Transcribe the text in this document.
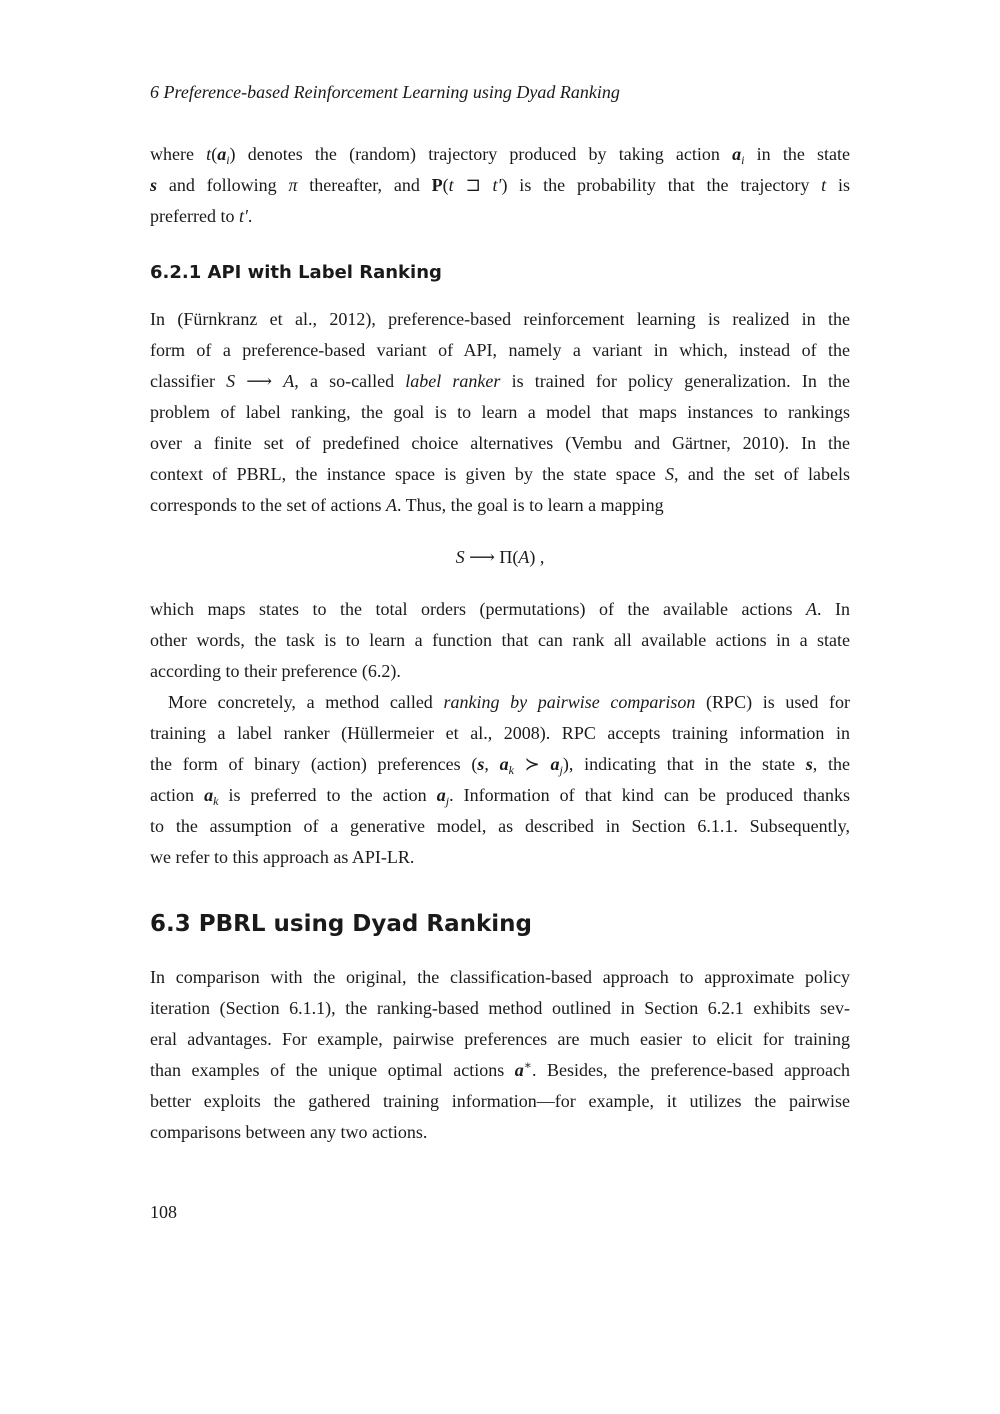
6 Preference-based Reinforcement Learning using Dyad Ranking
where $t(a_i)$ denotes the (random) trajectory produced by taking action $a_i$ in the state
s and following π thereafter, and P(t ⊐ t′) is the probability that the trajectory t is
preferred to t′.
6.2.1 API with Label Ranking
In (Fürnkranz et al., 2012), preference-based reinforcement learning is realized in the
form of a preference-based variant of API, namely a variant in which, instead of the
classifier S ⟶ A, a so-called label ranker is trained for policy generalization. In the
problem of label ranking, the goal is to learn a model that maps instances to rankings
over a finite set of predefined choice alternatives (Vembu and Gärtner, 2010). In the
context of PBRL, the instance space is given by the state space S, and the set of labels
corresponds to the set of actions A. Thus, the goal is to learn a mapping
S ⟶ Π(A) ,
which maps states to the total orders (permutations) of the available actions A. In
other words, the task is to learn a function that can rank all available actions in a state
according to their preference (6.2).
More concretely, a method called ranking by pairwise comparison (RPC) is used for
training a label ranker (Hüllermeier et al., 2008). RPC accepts training information in
the form of binary (action) preferences (s, $a_k$ ≻ $a_j$), indicating that in the state s, the
action $a_k$ is preferred to the action $a_j$. Information of that kind can be produced thanks
to the assumption of a generative model, as described in Section 6.1.1. Subsequently,
we refer to this approach as API-LR.
6.3 PBRL using Dyad Ranking
In comparison with the original, the classification-based approach to approximate policy
iteration (Section 6.1.1), the ranking-based method outlined in Section 6.2.1 exhibits sev-
eral advantages. For example, pairwise preferences are much easier to elicit for training
than examples of the unique optimal actions a∗. Besides, the preference-based approach
better exploits the gathered training information—for example, it utilizes the pairwise
comparisons between any two actions.
108
